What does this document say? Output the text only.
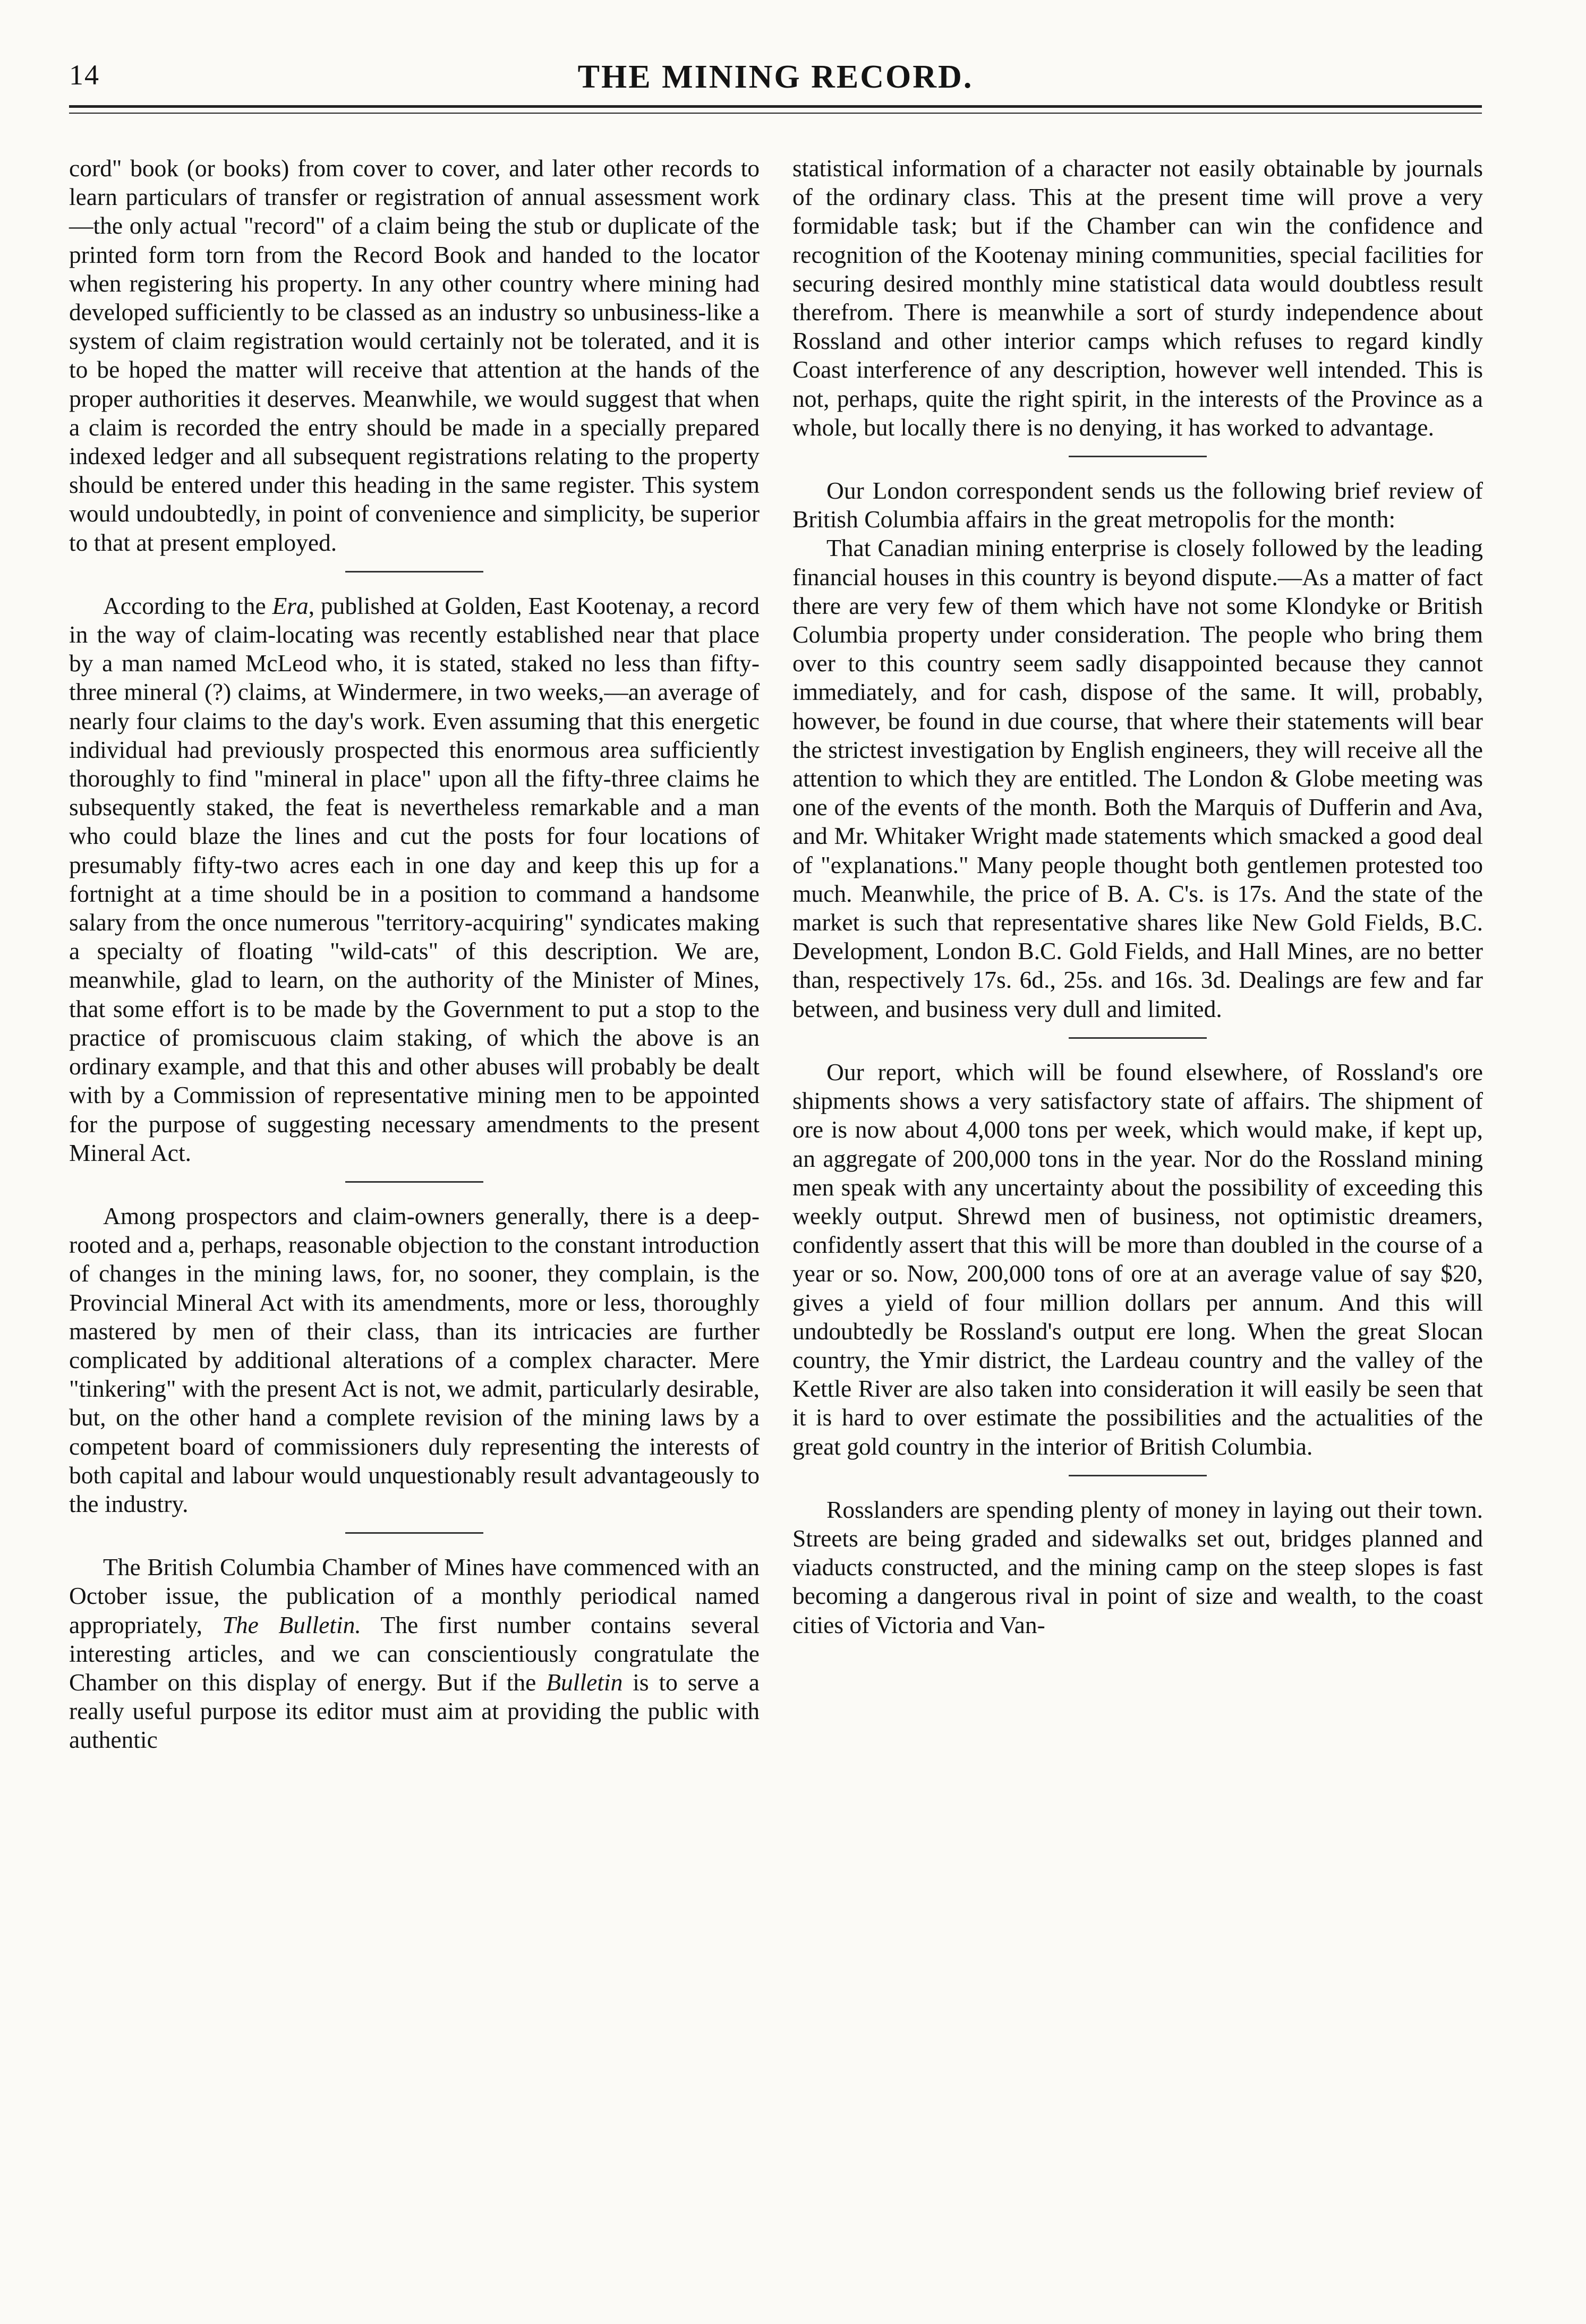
14	THE MINING RECORD.

cord" book (or books) from cover to cover, and later other records to learn particulars of transfer or registration of annual assessment work—the only actual "record" of a claim being the stub or duplicate of the printed form torn from the Record Book and handed to the locator when registering his property. In any other country where mining had developed sufficiently to be classed as an industry so unbusiness-like a system of claim registration would certainly not be tolerated, and it is to be hoped the matter will receive that attention at the hands of the proper authorities it deserves. Meanwhile, we would suggest that when a claim is recorded the entry should be made in a specially prepared indexed ledger and all subsequent registrations relating to the property should be entered under this heading in the same register. This system would undoubtedly, in point of convenience and simplicity, be superior to that at present employed.

According to the Era, published at Golden, East Kootenay, a record in the way of claim-locating was recently established near that place by a man named McLeod who, it is stated, staked no less than fifty-three mineral (?) claims, at Windermere, in two weeks,—an average of nearly four claims to the day's work. Even assuming that this energetic individual had previously prospected this enormous area sufficiently thoroughly to find "mineral in place" upon all the fifty-three claims he subsequently staked, the feat is nevertheless remarkable and a man who could blaze the lines and cut the posts for four locations of presumably fifty-two acres each in one day and keep this up for a fortnight at a time should be in a position to command a handsome salary from the once numerous "territory-acquiring" syndicates making a specialty of floating "wild-cats" of this description. We are, meanwhile, glad to learn, on the authority of the Minister of Mines, that some effort is to be made by the Government to put a stop to the practice of promiscuous claim staking, of which the above is an ordinary example, and that this and other abuses will probably be dealt with by a Commission of representative mining men to be appointed for the purpose of suggesting necessary amendments to the present Mineral Act.

Among prospectors and claim-owners generally, there is a deep-rooted and a, perhaps, reasonable objection to the constant introduction of changes in the mining laws, for, no sooner, they complain, is the Provincial Mineral Act with its amendments, more or less, thoroughly mastered by men of their class, than its intricacies are further complicated by additional alterations of a complex character. Mere "tinkering" with the present Act is not, we admit, particularly desirable, but, on the other hand a complete revision of the mining laws by a competent board of commissioners duly representing the interests of both capital and labour would unquestionably result advantageously to the industry.

The British Columbia Chamber of Mines have commenced with an October issue, the publication of a monthly periodical named appropriately, The Bulletin. The first number contains several interesting articles, and we can conscientiously congratulate the Chamber on this display of energy. But if the Bulletin is to serve a really useful purpose its editor must aim at providing the public with authentic

statistical information of a character not easily obtainable by journals of the ordinary class. This at the present time will prove a very formidable task; but if the Chamber can win the confidence and recognition of the Kootenay mining communities, special facilities for securing desired monthly mine statistical data would doubtless result therefrom. There is meanwhile a sort of sturdy independence about Rossland and other interior camps which refuses to regard kindly Coast interference of any description, however well intended. This is not, perhaps, quite the right spirit, in the interests of the Province as a whole, but locally there is no denying, it has worked to advantage.

Our London correspondent sends us the following brief review of British Columbia affairs in the great metropolis for the month:

That Canadian mining enterprise is closely followed by the leading financial houses in this country is beyond dispute.—As a matter of fact there are very few of them which have not some Klondyke or British Columbia property under consideration. The people who bring them over to this country seem sadly disappointed because they cannot immediately, and for cash, dispose of the same. It will, probably, however, be found in due course, that where their statements will bear the strictest investigation by English engineers, they will receive all the attention to which they are entitled. The London & Globe meeting was one of the events of the month. Both the Marquis of Dufferin and Ava, and Mr. Whitaker Wright made statements which smacked a good deal of "explanations." Many people thought both gentlemen protested too much. Meanwhile, the price of B. A. C's. is 17s. And the state of the market is such that representative shares like New Gold Fields, B.C. Development, London B.C. Gold Fields, and Hall Mines, are no better than, respectively 17s. 6d., 25s. and 16s. 3d. Dealings are few and far between, and business very dull and limited.

Our report, which will be found elsewhere, of Rossland's ore shipments shows a very satisfactory state of affairs. The shipment of ore is now about 4,000 tons per week, which would make, if kept up, an aggregate of 200,000 tons in the year. Nor do the Rossland mining men speak with any uncertainty about the possibility of exceeding this weekly output. Shrewd men of business, not optimistic dreamers, confidently assert that this will be more than doubled in the course of a year or so. Now, 200,000 tons of ore at an average value of say $20, gives a yield of four million dollars per annum. And this will undoubtedly be Rossland's output ere long. When the great Slocan country, the Ymir district, the Lardeau country and the valley of the Kettle River are also taken into consideration it will easily be seen that it is hard to over estimate the possibilities and the actualities of the great gold country in the interior of British Columbia.

Rosslanders are spending plenty of money in laying out their town. Streets are being graded and sidewalks set out, bridges planned and viaducts constructed, and the mining camp on the steep slopes is fast becoming a dangerous rival in point of size and wealth, to the coast cities of Victoria and Van-
